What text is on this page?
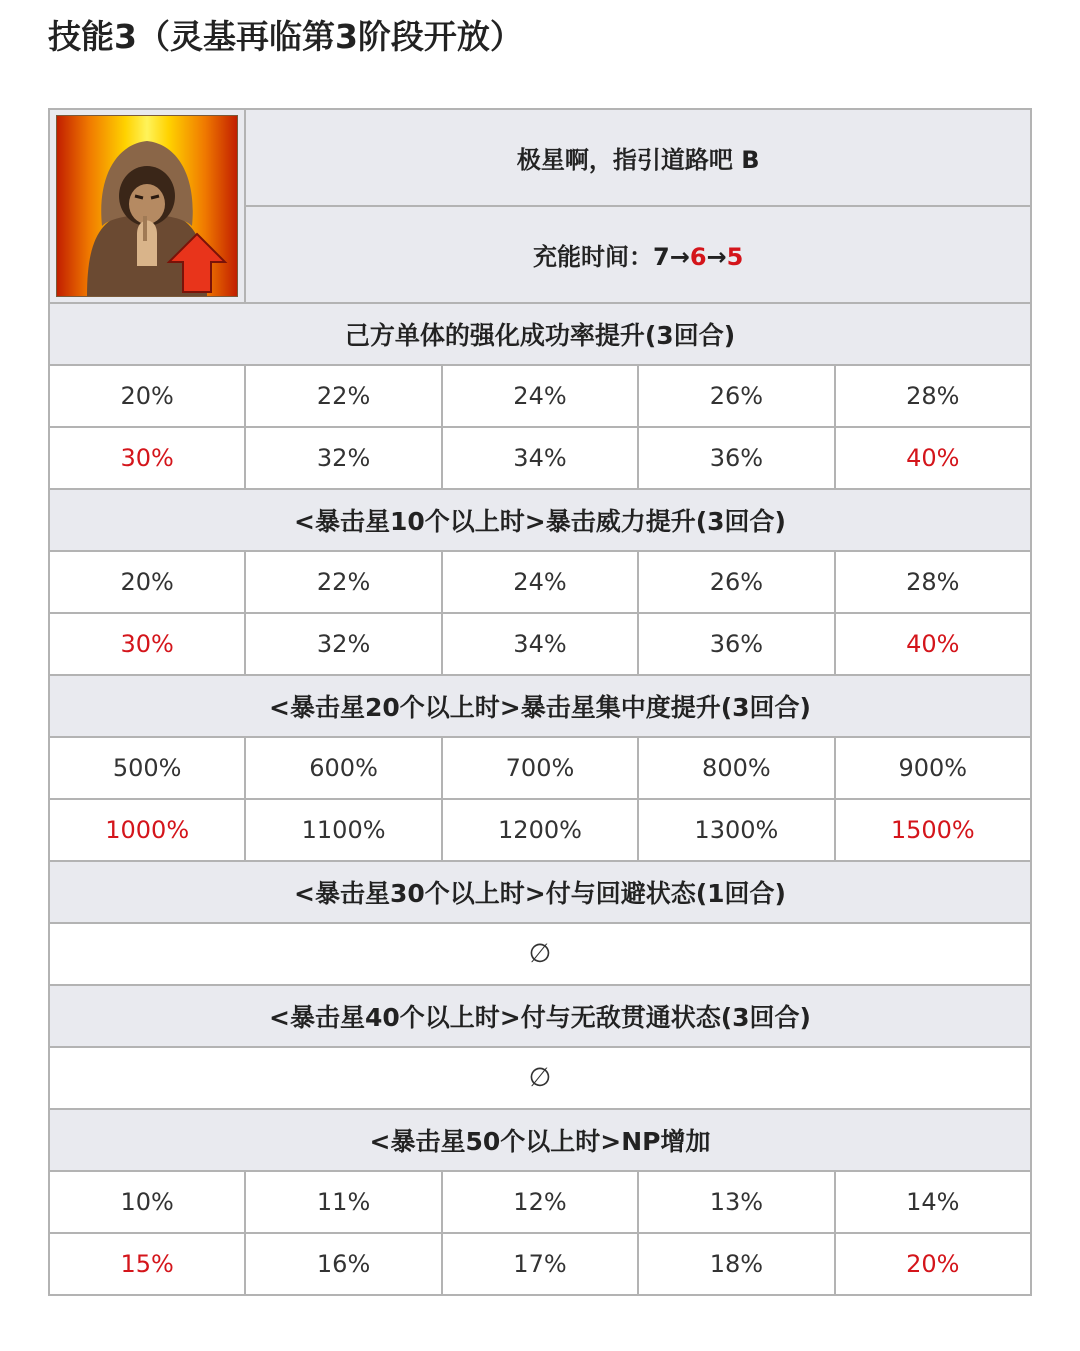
技能3（灵基再临第3阶段开放）
	极星啊，指引道路吧 B			
	充能时间：7→6→5			
己方单体的强化成功率提升(3回合)				
20%	22%	24%	26%	28%
30%	32%	34%	36%	40%
<暴击星10个以上时>暴击威力提升(3回合)				
20%	22%	24%	26%	28%
30%	32%	34%	36%	40%
<暴击星20个以上时>暴击星集中度提升(3回合)				
500%	600%	700%	800%	900%
1000%	1100%	1200%	1300%	1500%
<暴击星30个以上时>付与回避状态(1回合)				
∅				
<暴击星40个以上时>付与无敌贯通状态(3回合)				
∅				
<暴击星50个以上时>NP增加				
10%	11%	12%	13%	14%
15%	16%	17%	18%	20%
